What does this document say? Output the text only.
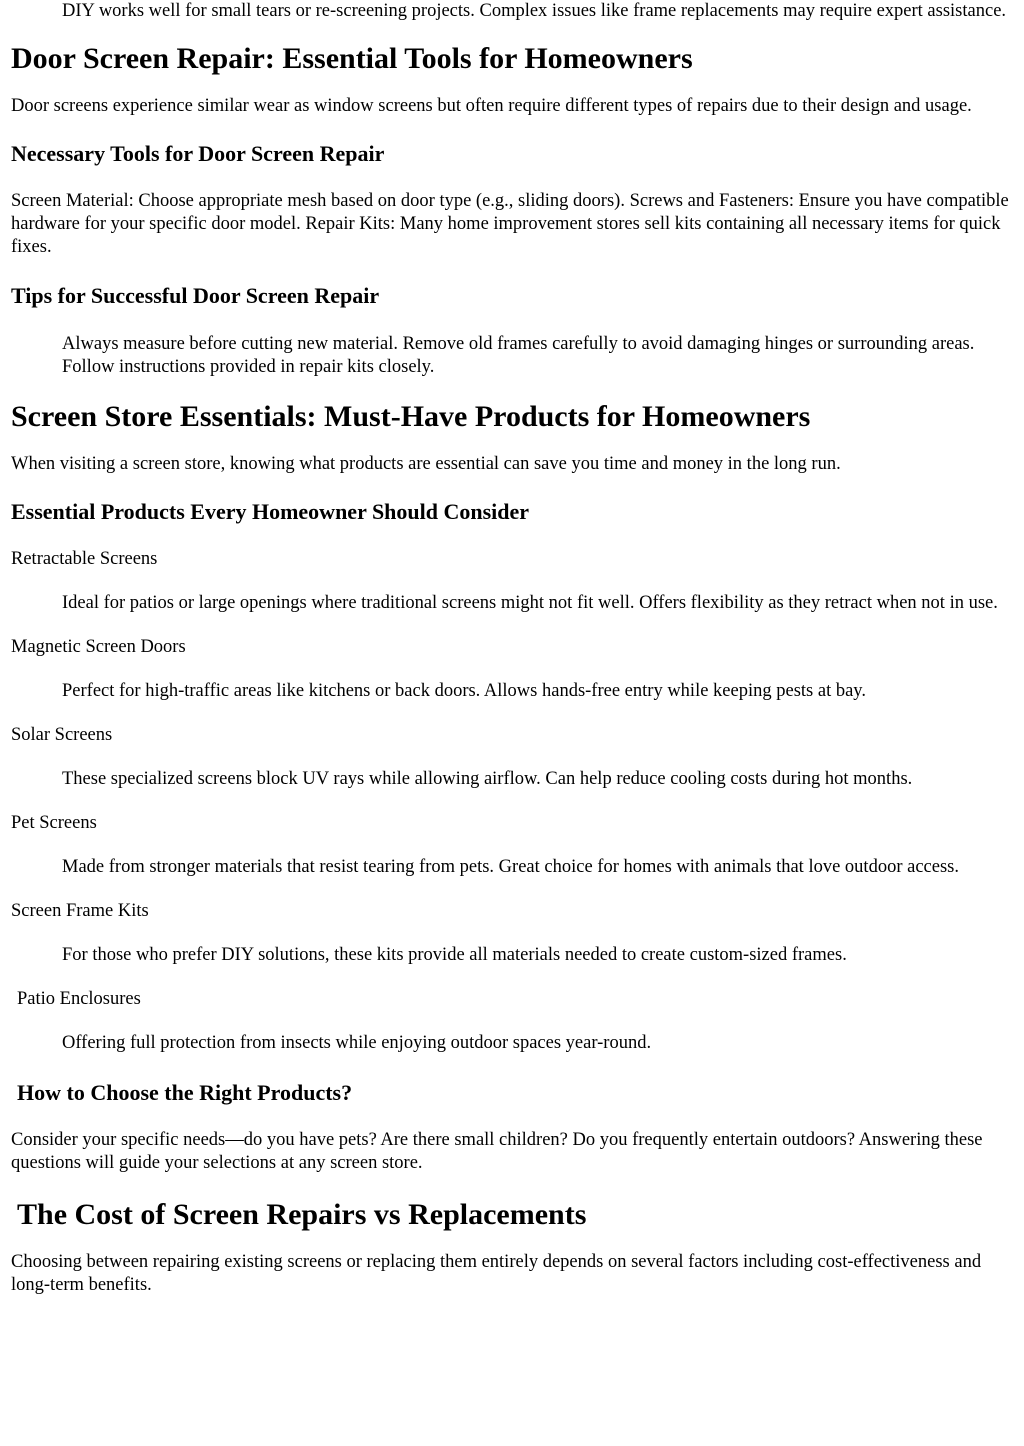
DIY works well for small tears or re-screening projects. Complex issues like frame replacements may require expert assistance.

Door Screen Repair: Essential Tools for Homeowners

Door screens experience similar wear as window screens but often require different types of repairs due to their design and usage.

Necessary Tools for Door Screen Repair

Screen Material: Choose appropriate mesh based on door type (e.g., sliding doors). Screws and Fasteners: Ensure you have compatible hardware for your specific door model. Repair Kits: Many home improvement stores sell kits containing all necessary items for quick fixes.

Tips for Successful Door Screen Repair

Always measure before cutting new material. Remove old frames carefully to avoid damaging hinges or surrounding areas. Follow instructions provided in repair kits closely.

Screen Store Essentials: Must-Have Products for Homeowners

When visiting a screen store, knowing what products are essential can save you time and money in the long run.

Essential Products Every Homeowner Should Consider

Retractable Screens

Ideal for patios or large openings where traditional screens might not fit well. Offers flexibility as they retract when not in use.

Magnetic Screen Doors

Perfect for high-traffic areas like kitchens or back doors. Allows hands-free entry while keeping pests at bay.

Solar Screens

These specialized screens block UV rays while allowing airflow. Can help reduce cooling costs during hot months.

Pet Screens

Made from stronger materials that resist tearing from pets. Great choice for homes with animals that love outdoor access.

Screen Frame Kits

For those who prefer DIY solutions, these kits provide all materials needed to create custom-sized frames.

Patio Enclosures

Offering full protection from insects while enjoying outdoor spaces year-round.

How to Choose the Right Products?

Consider your specific needs—do you have pets? Are there small children? Do you frequently entertain outdoors? Answering these questions will guide your selections at any screen store.

The Cost of Screen Repairs vs Replacements

Choosing between repairing existing screens or replacing them entirely depends on several factors including cost-effectiveness and long-term benefits.
